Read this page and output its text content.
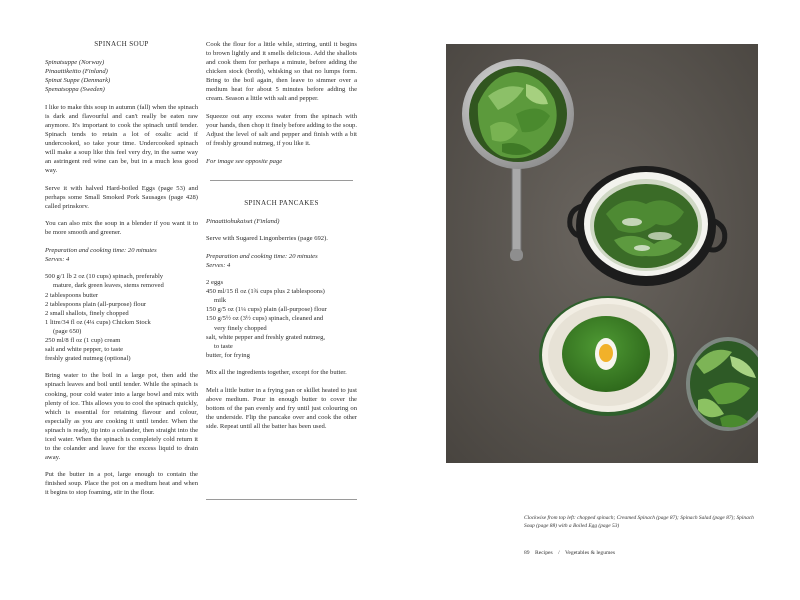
SPINACH SOUP
Spinatsuppe (Norway)
Pinaattikeitto (Finland)
Spinat Suppe (Denmark)
Spenatsoppa (Sweden)

I like to make this soup in autumn (fall) when the spinach is dark and flavourful and can't really be eaten raw anymore. It's important to cook the spinach until tender. Spinach tends to retain a lot of oxalic acid if undercooked, so take your time. Undercooked spinach will make a soup like this feel very dry, in the same way an astringent red wine can be, but in a much less good way.

Serve it with halved Hard-boiled Eggs (page 53) and perhaps some Small Smoked Pork Sausages (page 428) called prinskorv.

You can also mix the soup in a blender if you want it to be more smooth and greener.

Preparation and cooking time: 20 minutes
Serves: 4
500 g/1 lb 2 oz (10 cups) spinach, preferably
mature, dark green leaves, stems removed
2 tablespoons butter
2 tablespoons plain (all-purpose) flour
2 small shallots, finely chopped
1 litre/34 fl oz (4¼ cups) Chicken Stock
(page 650)
250 ml/8 fl oz (1 cup) cream
salt and white pepper, to taste
freshly grated nutmeg (optional)

Bring water to the boil in a large pot, then add the spinach leaves and boil until tender. While the spinach is cooking, pour cold water into a large bowl and mix with plenty of ice. This allows you to cool the spinach quickly, which is essential for retaining flavour and colour, especially as you are cooking it until tender. When the spinach is ready, tip into a colander, then straight into the iced water. When the spinach is completely cold return it to the colander and leave for the excess liquid to drain away.

Put the butter in a pot, large enough to contain the finished soup. Place the pot on a medium heat and when it begins to stop foaming, stir in the flour.

Cook the flour for a little while, stirring, until it begins to brown lightly and it smells delicious. Add the shallots and cook them for perhaps a minute, before adding the chicken stock (broth), whisking so that no lumps form. Bring to the boil again, then leave to simmer over a medium heat for about 5 minutes before adding the cream. Season a little with salt and pepper.

Squeeze out any excess water from the spinach with your hands, then chop it finely before adding to the soup. Adjust the level of salt and pepper and finish with a bit of freshly ground nutmeg, if you like it.

For image see opposite page

SPINACH PANCAKES

Pinaattiohukaiset (Finland)

Serve with Sugared Lingonberries (page 692).

Preparation and cooking time: 20 minutes
Serves: 4
2 eggs
450 ml/15 fl oz (1¾ cups plus 2 tablespoons)
milk
150 g/5 oz (1¼ cups) plain (all-purpose) flour
150 g/5½ oz (3½ cups) spinach, cleaned and
very finely chopped
salt, white pepper and freshly grated nutmeg,
to taste
butter, for frying

Mix all the ingredients together, except for the butter.

Melt a little butter in a frying pan or skillet heated to just above medium. Pour in enough butter to cover the bottom of the pan evenly and fry until just colouring on the underside. Flip the pancake over and cook the other side. Repeat until all the batter has been used.

Clockwise from top left: chopped spinach; Creamed Spinach (page 87); Spinach Salad (page 87); Spinach Soup (page 88) with a Boiled Egg (page 53)
89 Recipes / Vegetables & legumes
